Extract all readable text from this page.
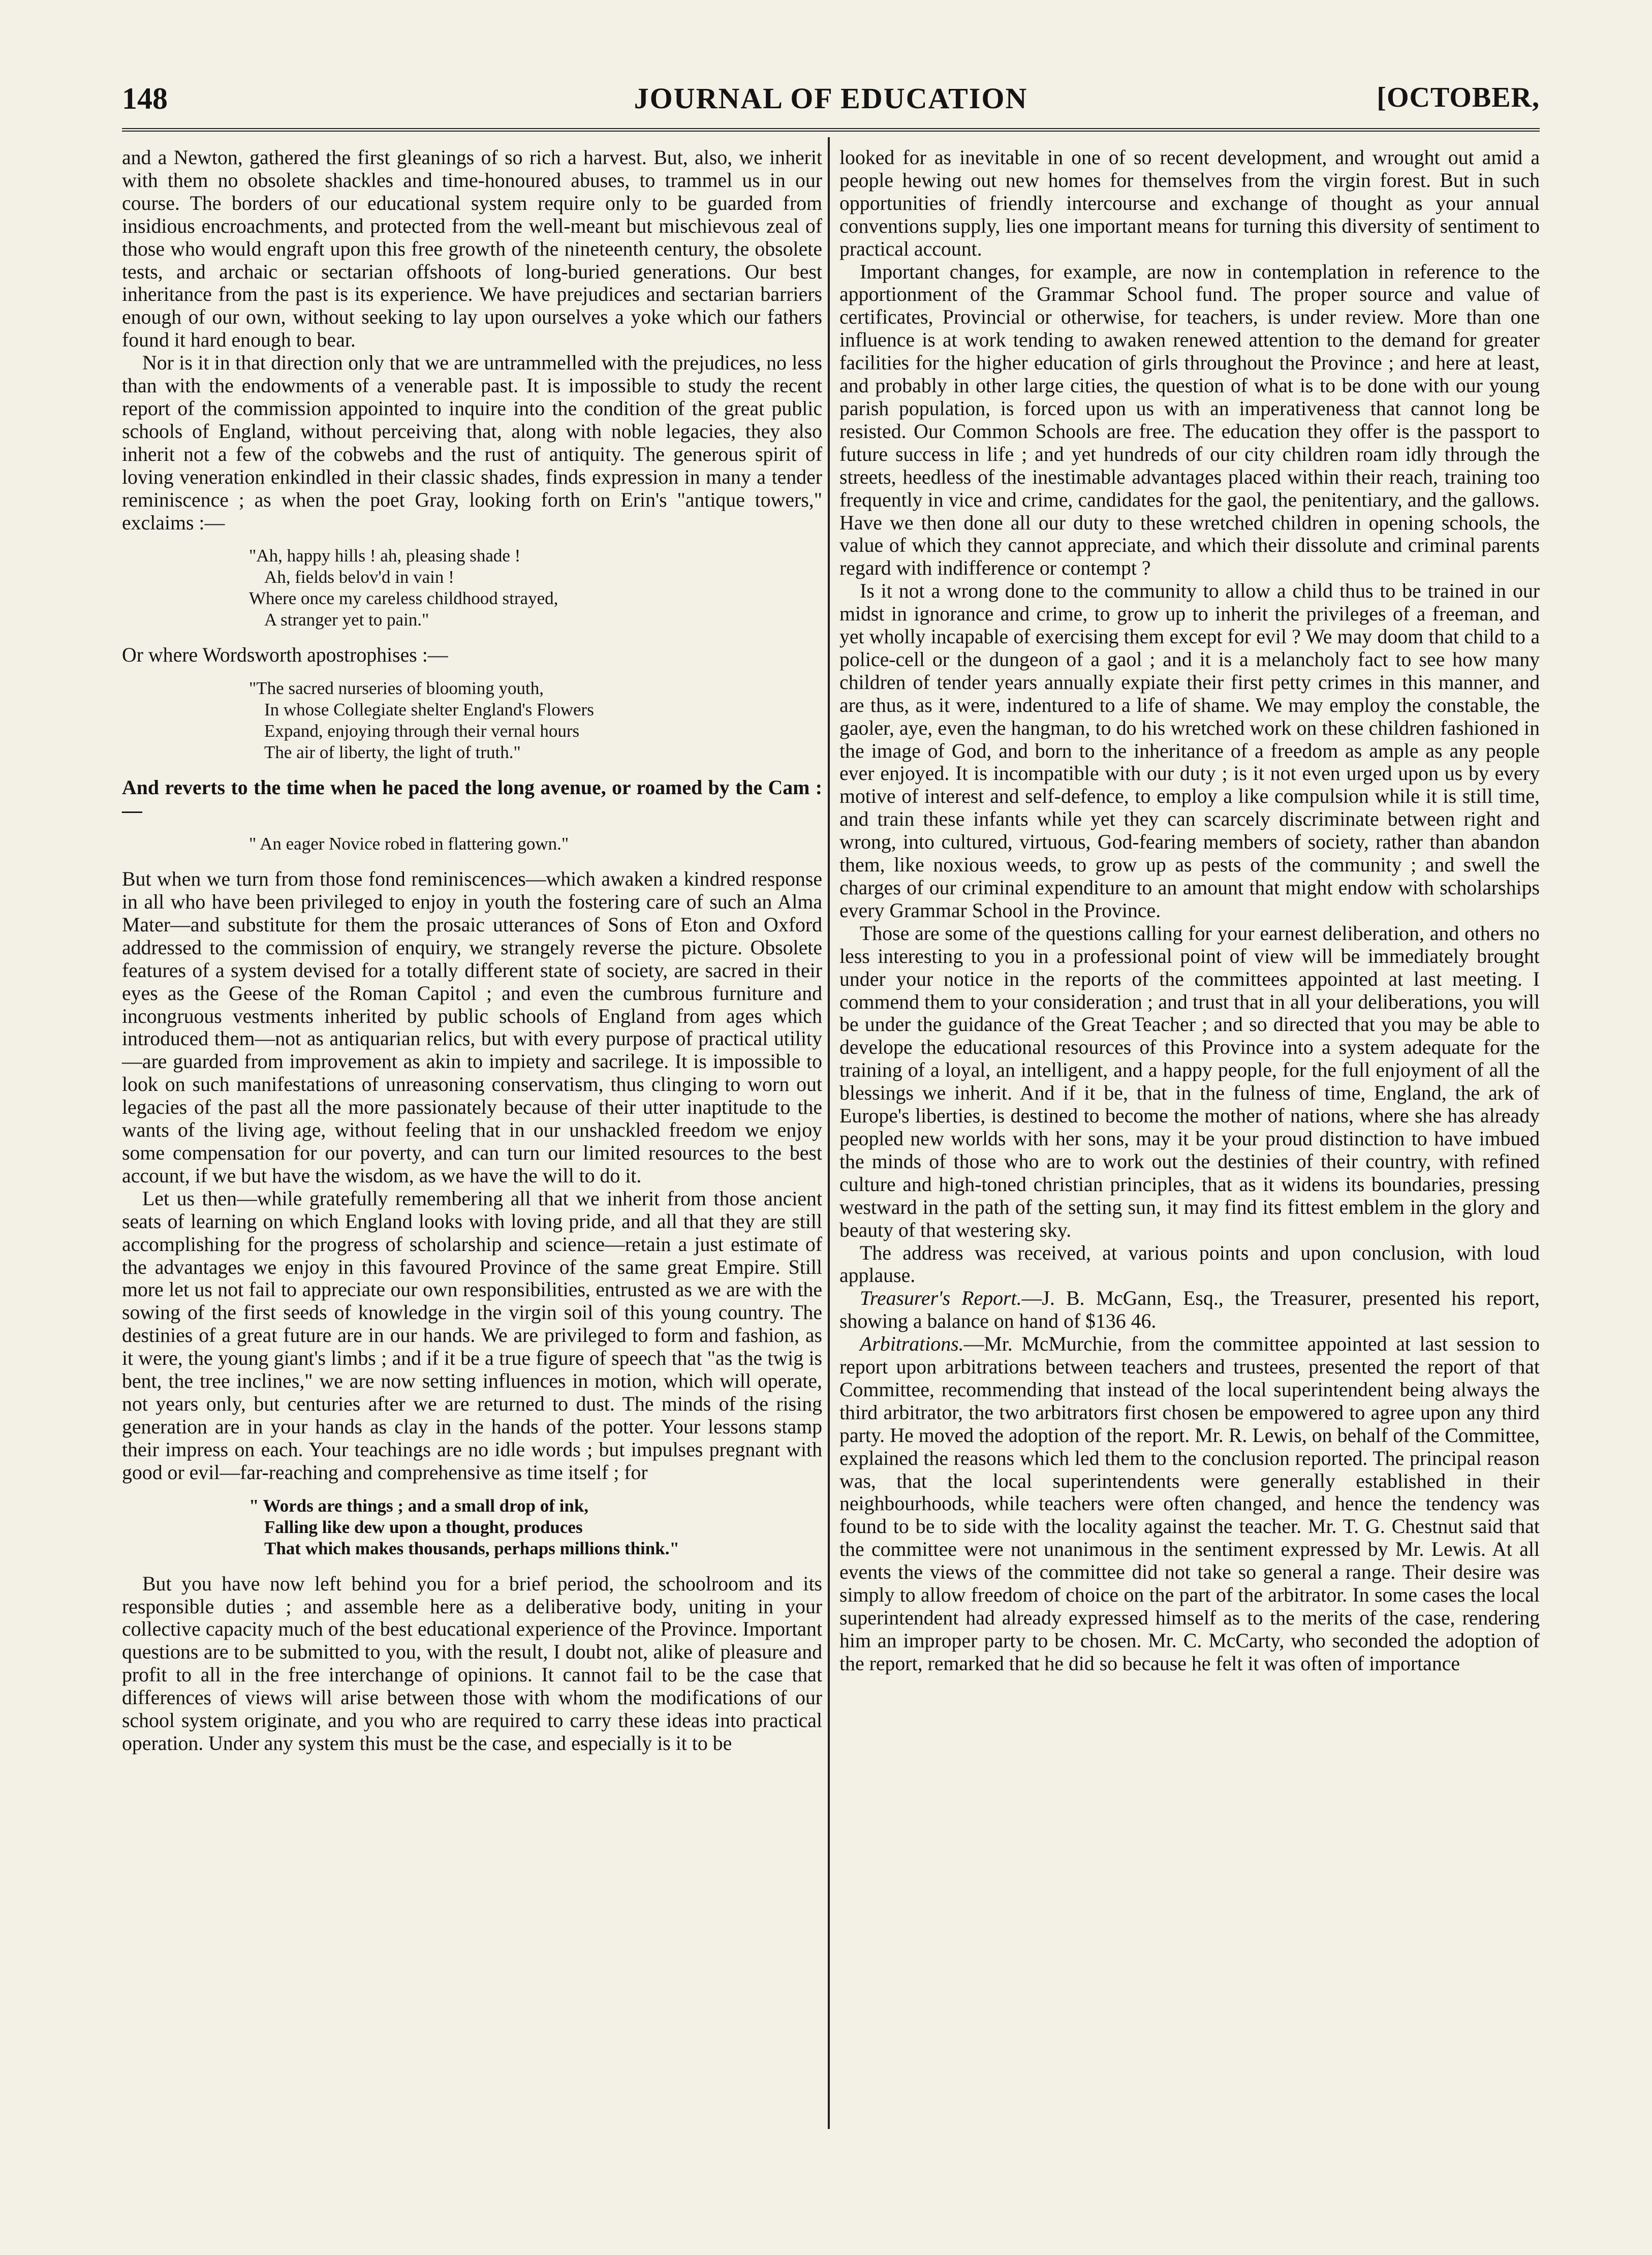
148	JOURNAL OF EDUCATION	[OCTOBER,

and a Newton, gathered the first gleanings of so rich a harvest. But, also, we inherit with them no obsolete shackles and time-honoured abuses, to trammel us in our course. The borders of our educational system require only to be guarded from insidious encroachments, and protected from the well-meant but mischievous zeal of those who would engraft upon this free growth of the nineteenth century, the obsolete tests, and archaic or sectarian offshoots of long-buried generations. Our best inheritance from the past is its experience. We have prejudices and sectarian barriers enough of our own, without seeking to lay upon ourselves a yoke which our fathers found it hard enough to bear.

Nor is it in that direction only that we are untrammelled with the prejudices, no less than with the endowments of a venerable past. It is impossible to study the recent report of the commission appointed to inquire into the condition of the great public schools of England, without perceiving that, along with noble legacies, they also inherit not a few of the cobwebs and the rust of antiquity. The generous spirit of loving veneration enkindled in their classic shades, finds expression in many a tender reminiscence ; as when the poet Gray, looking forth on Erin's "antique towers," exclaims :—

"Ah, happy hills ! ah, pleasing shade !
Ah, fields belov'd in vain !
Where once my careless childhood strayed,
A stranger yet to pain."

Or where Wordsworth apostrophises :—

"The sacred nurseries of blooming youth,
In whose Collegiate shelter England's Flowers
Expand, enjoying through their vernal hours
The air of liberty, the light of truth."

And reverts to the time when he paced the long avenue, or roamed by the Cam :—

" An eager Novice robed in flattering gown."

But when we turn from those fond reminiscences—which awaken a kindred response in all who have been privileged to enjoy in youth the fostering care of such an Alma Mater—and substitute for them the prosaic utterances of Sons of Eton and Oxford addressed to the commission of enquiry, we strangely reverse the picture. Obsolete features of a system devised for a totally different state of society, are sacred in their eyes as the Geese of the Roman Capitol ; and even the cumbrous furniture and incongruous vestments inherited by public schools of England from ages which introduced them—not as antiquarian relics, but with every purpose of practical utility—are guarded from improvement as akin to impiety and sacrilege. It is impossible to look on such manifestations of unreasoning conservatism, thus clinging to worn out legacies of the past all the more passionately because of their utter inaptitude to the wants of the living age, without feeling that in our unshackled freedom we enjoy some compensation for our poverty, and can turn our limited resources to the best account, if we but have the wisdom, as we have the will to do it.

Let us then—while gratefully remembering all that we inherit from those ancient seats of learning on which England looks with loving pride, and all that they are still accomplishing for the progress of scholarship and science—retain a just estimate of the advantages we enjoy in this favoured Province of the same great Empire. Still more let us not fail to appreciate our own responsibilities, entrusted as we are with the sowing of the first seeds of knowledge in the virgin soil of this young country. The destinies of a great future are in our hands. We are privileged to form and fashion, as it were, the young giant's limbs ; and if it be a true figure of speech that "as the twig is bent, the tree inclines," we are now setting influences in motion, which will operate, not years only, but centuries after we are returned to dust. The minds of the rising generation are in your hands as clay in the hands of the potter. Your lessons stamp their impress on each. Your teachings are no idle words ; but impulses pregnant with good or evil—far-reaching and comprehensive as time itself ; for

" Words are things ; and a small drop of ink,
Falling like dew upon a thought, produces
That which makes thousands, perhaps millions think."

But you have now left behind you for a brief period, the schoolroom and its responsible duties ; and assemble here as a deliberative body, uniting in your collective capacity much of the best educational experience of the Province. Important questions are to be submitted to you, with the result, I doubt not, alike of pleasure and profit to all in the free interchange of opinions. It cannot fail to be the case that differences of views will arise between those with whom the modifications of our school system originate, and you who are required to carry these ideas into practical operation. Under any system this must be the case, and especially is it to be

looked for as inevitable in one of so recent development, and wrought out amid a people hewing out new homes for themselves from the virgin forest. But in such opportunities of friendly intercourse and exchange of thought as your annual conventions supply, lies one important means for turning this diversity of sentiment to practical account.

Important changes, for example, are now in contemplation in reference to the apportionment of the Grammar School fund. The proper source and value of certificates, Provincial or otherwise, for teachers, is under review. More than one influence is at work tending to awaken renewed attention to the demand for greater facilities for the higher education of girls throughout the Province ; and here at least, and probably in other large cities, the question of what is to be done with our young parish population, is forced upon us with an imperativeness that cannot long be resisted. Our Common Schools are free. The education they offer is the passport to future success in life ; and yet hundreds of our city children roam idly through the streets, heedless of the inestimable advantages placed within their reach, training too frequently in vice and crime, candidates for the gaol, the penitentiary, and the gallows. Have we then done all our duty to these wretched children in opening schools, the value of which they cannot appreciate, and which their dissolute and criminal parents regard with indifference or contempt ?

Is it not a wrong done to the community to allow a child thus to be trained in our midst in ignorance and crime, to grow up to inherit the privileges of a freeman, and yet wholly incapable of exercising them except for evil ? We may doom that child to a police-cell or the dungeon of a gaol ; and it is a melancholy fact to see how many children of tender years annually expiate their first petty crimes in this manner, and are thus, as it were, indentured to a life of shame. We may employ the constable, the gaoler, aye, even the hangman, to do his wretched work on these children fashioned in the image of God, and born to the inheritance of a freedom as ample as any people ever enjoyed. It is incompatible with our duty ; is it not even urged upon us by every motive of interest and self-defence, to employ a like compulsion while it is still time, and train these infants while yet they can scarcely discriminate between right and wrong, into cultured, virtuous, God-fearing members of society, rather than abandon them, like noxious weeds, to grow up as pests of the community ; and swell the charges of our criminal expenditure to an amount that might endow with scholarships every Grammar School in the Province.

Those are some of the questions calling for your earnest deliberation, and others no less interesting to you in a professional point of view will be immediately brought under your notice in the reports of the committees appointed at last meeting. I commend them to your consideration ; and trust that in all your deliberations, you will be under the guidance of the Great Teacher ; and so directed that you may be able to develope the educational resources of this Province into a system adequate for the training of a loyal, an intelligent, and a happy people, for the full enjoyment of all the blessings we inherit. And if it be, that in the fulness of time, England, the ark of Europe's liberties, is destined to become the mother of nations, where she has already peopled new worlds with her sons, may it be your proud distinction to have imbued the minds of those who are to work out the destinies of their country, with refined culture and high-toned christian principles, that as it widens its boundaries, pressing westward in the path of the setting sun, it may find its fittest emblem in the glory and beauty of that westering sky.

The address was received, at various points and upon conclusion, with loud applause.

Treasurer's Report.—J. B. McGann, Esq., the Treasurer, presented his report, showing a balance on hand of $136 46.

Arbitrations.—Mr. McMurchie, from the committee appointed at last session to report upon arbitrations between teachers and trustees, presented the report of that Committee, recommending that instead of the local superintendent being always the third arbitrator, the two arbitrators first chosen be empowered to agree upon any third party. He moved the adoption of the report. Mr. R. Lewis, on behalf of the Committee, explained the reasons which led them to the conclusion reported. The principal reason was, that the local superintendents were generally established in their neighbourhoods, while teachers were often changed, and hence the tendency was found to be to side with the locality against the teacher. Mr. T. G. Chestnut said that the committee were not unanimous in the sentiment expressed by Mr. Lewis. At all events the views of the committee did not take so general a range. Their desire was simply to allow freedom of choice on the part of the arbitrator. In some cases the local superintendent had already expressed himself as to the merits of the case, rendering him an improper party to be chosen. Mr. C. McCarty, who seconded the adoption of the report, remarked that he did so because he felt it was often of importance
